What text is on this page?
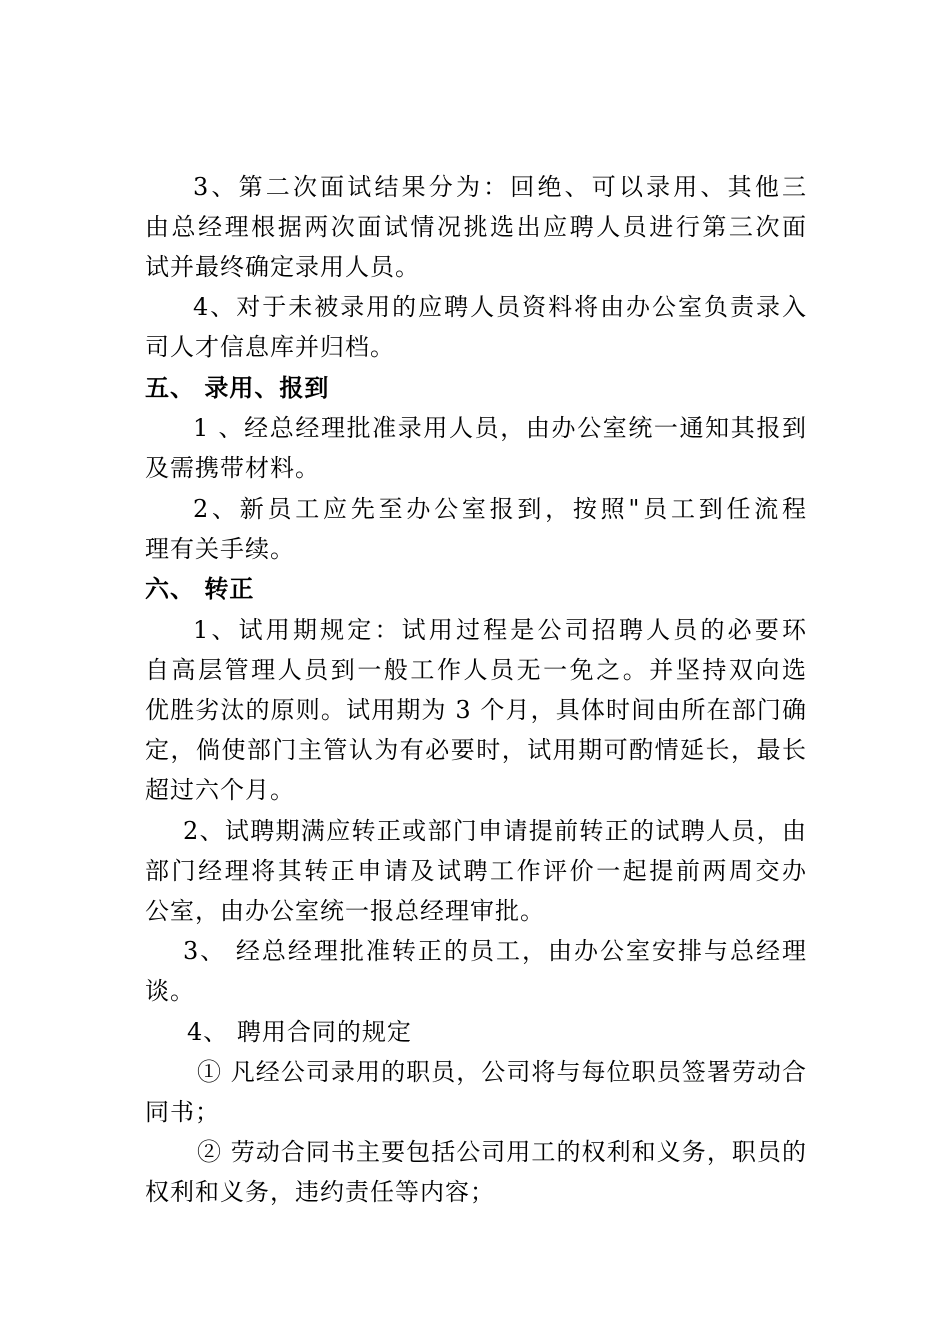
3、第二次面试结果分为：回绝、可以录用、其他三
由总经理根据两次面试情况挑选出应聘人员进行第三次面
试并最终确定录用人员。
4、对于未被录用的应聘人员资料将由办公室负责录入
司人才信息库并归档。
五、 录用、报到
1 、经总经理批准录用人员，由办公室统一通知其报到
及需携带材料。
2、新员工应先至办公室报到，按照"员工到任流程
理有关手续。
六、 转正
1、试用期规定：试用过程是公司招聘人员的必要环
自高层管理人员到一般工作人员无一免之。并坚持双向选
优胜劣汰的原则。试用期为 3 个月，具体时间由所在部门确
定，倘使部门主管认为有必要时，试用期可酌情延长，最长
超过六个月。
2、试聘期满应转正或部门申请提前转正的试聘人员，由
部门经理将其转正申请及试聘工作评价一起提前两周交办
公室，由办公室统一报总经理审批。
3、 经总经理批准转正的员工，由办公室安排与总经理
谈。
4、 聘用合同的规定
① 凡经公司录用的职员，公司将与每位职员签署劳动合
同书；
② 劳动合同书主要包括公司用工的权利和义务，职员的
权利和义务，违约责任等内容；
